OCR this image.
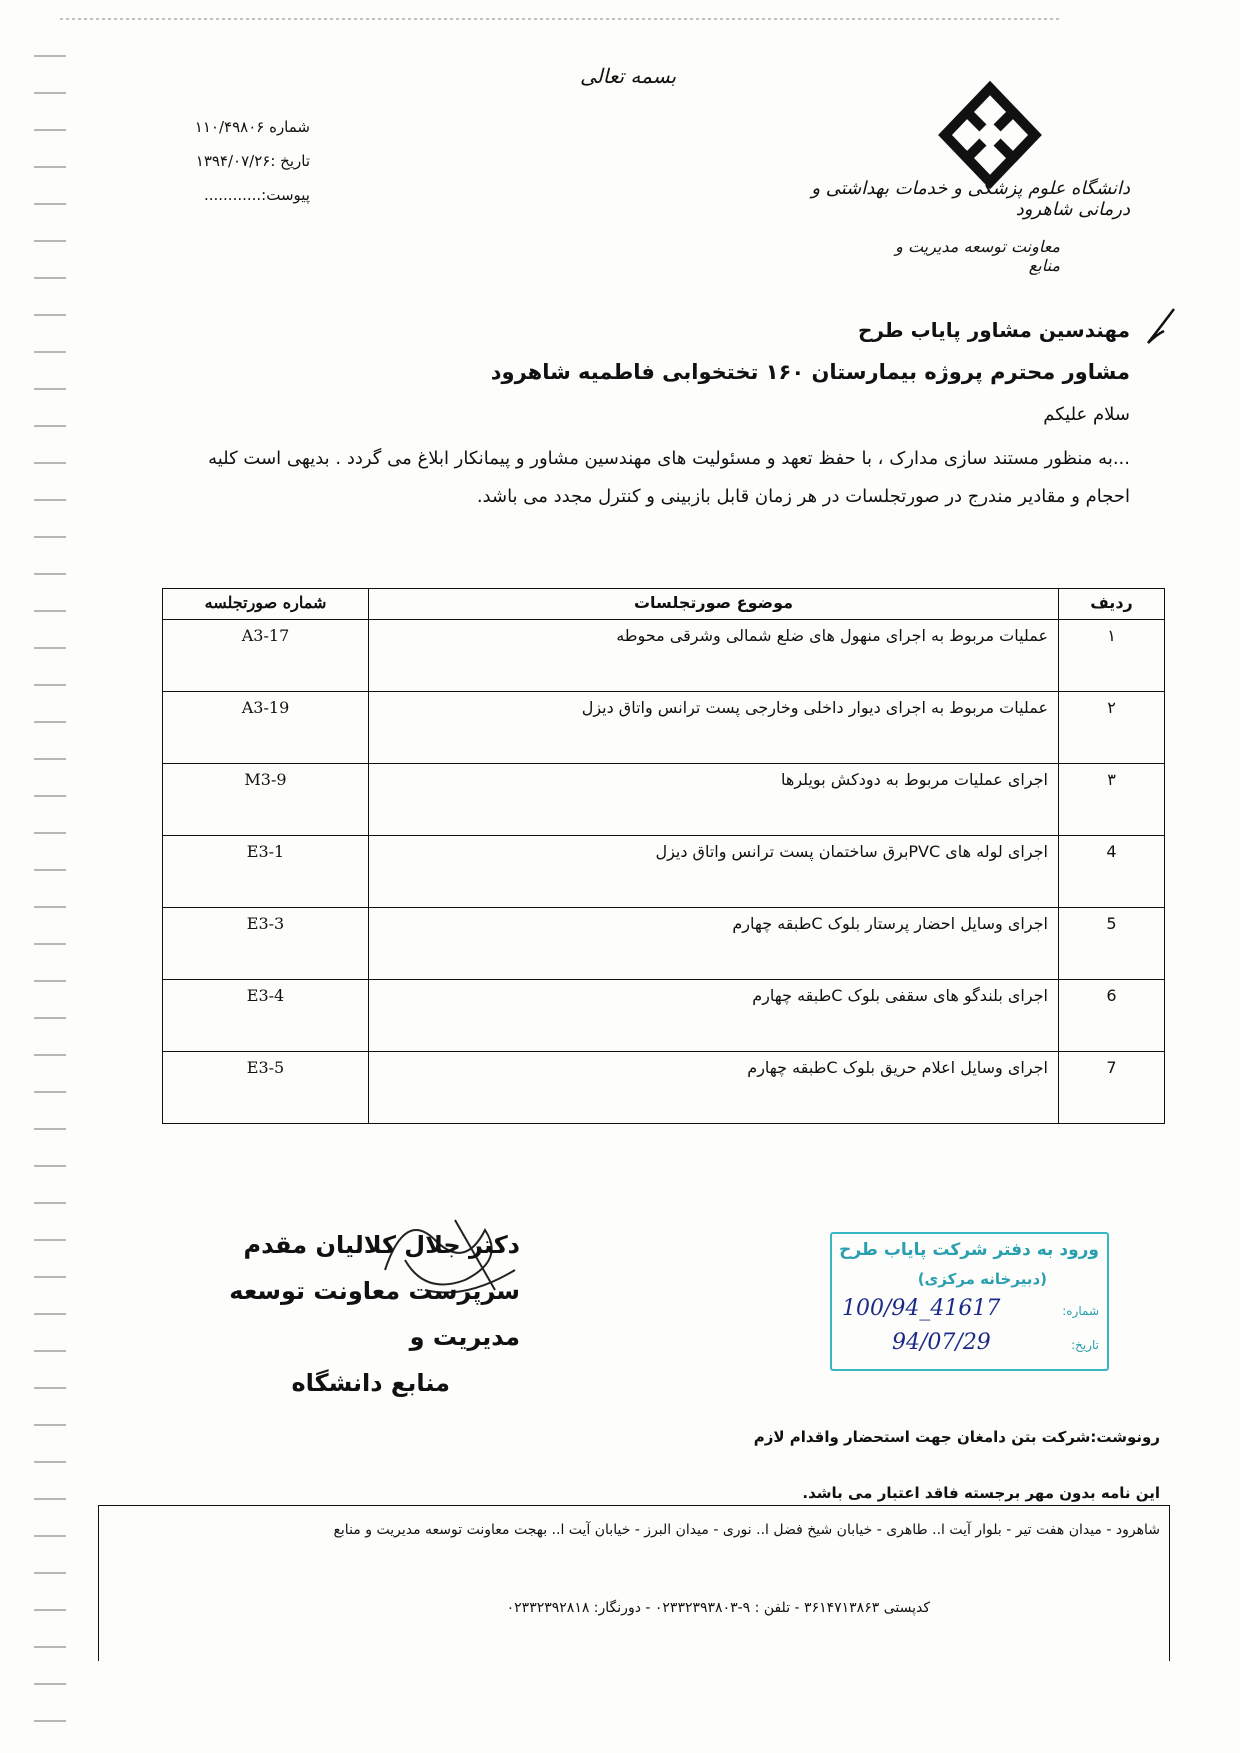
بسمه تعالی
شماره ۱۱۰/۴۹۸۰۶
تاریخ :۱۳۹۴/۰۷/۲۶
پیوست:............	دانشگاه علوم پزشکی و خدمات بهداشتی و درمانی شاهرود
معاونت توسعه مدیریت و منابع
مهندسین مشاور پایاب طرح
مشاور محترم پروژه بیمارستان ۱۶۰ تختخوابی فاطمیه شاهرود
سلام علیکم
...به منظور مستند سازی مدارک ، با حفظ تعهد و مسئولیت های مهندسین مشاور و پیمانکار ابلاغ می گردد . بدیهی است کلیه احجام و مقادیر مندرج در صورتجلسات در هر زمان قابل بازبینی و کنترل مجدد می باشد.
ردیف	موضوع صورتجلسات	شماره صورتجلسه
۱	عملیات مربوط به اجرای منهول های ضلع شمالی وشرقی محوطه	A3-17
۲	عملیات مربوط به اجرای دیوار داخلی وخارجی پست ترانس واتاق دیزل	A3-19
۳	اجرای عملیات مربوط به دودکش بویلرها	M3-9
4	اجرای لوله های PVCبرق ساختمان پست ترانس واتاق دیزل	E3-1
5	اجرای وسایل احضار پرستار بلوک Cطبقه چهارم	E3-3
6	اجرای بلندگو های سقفی بلوک Cطبقه چهارم	E3-4
7	اجرای وسایل اعلام حریق بلوک Cطبقه چهارم	E3-5
دکتر جلال کلالیان مقدم
سرپرست معاونت توسعه مدیریت و
منابع دانشگاه
ورود به دفتر شرکت پایاب طرح
(دبیرخانه مرکزی)
شماره:
100/94_41617
تاریخ:
94/07/29
رونوشت:شرکت بتن دامغان جهت استحضار واقدام لازم
این نامه بدون مهر برجسته فاقد اعتبار می باشد.
شاهرود - میدان هفت تیر - بلوار آیت ا.. طاهری - خیابان شیخ فضل ا.. نوری - میدان البرز - خیابان آیت ا.. بهجت معاونت توسعه مدیریت و منابع
کدپستی ۳۶۱۴۷۱۳۸۶۳ - تلفن : ۹-۰۲۳۳۲۳۹۳۸۰۳ - دورنگار: ۰۲۳۳۲۳۹۲۸۱۸
